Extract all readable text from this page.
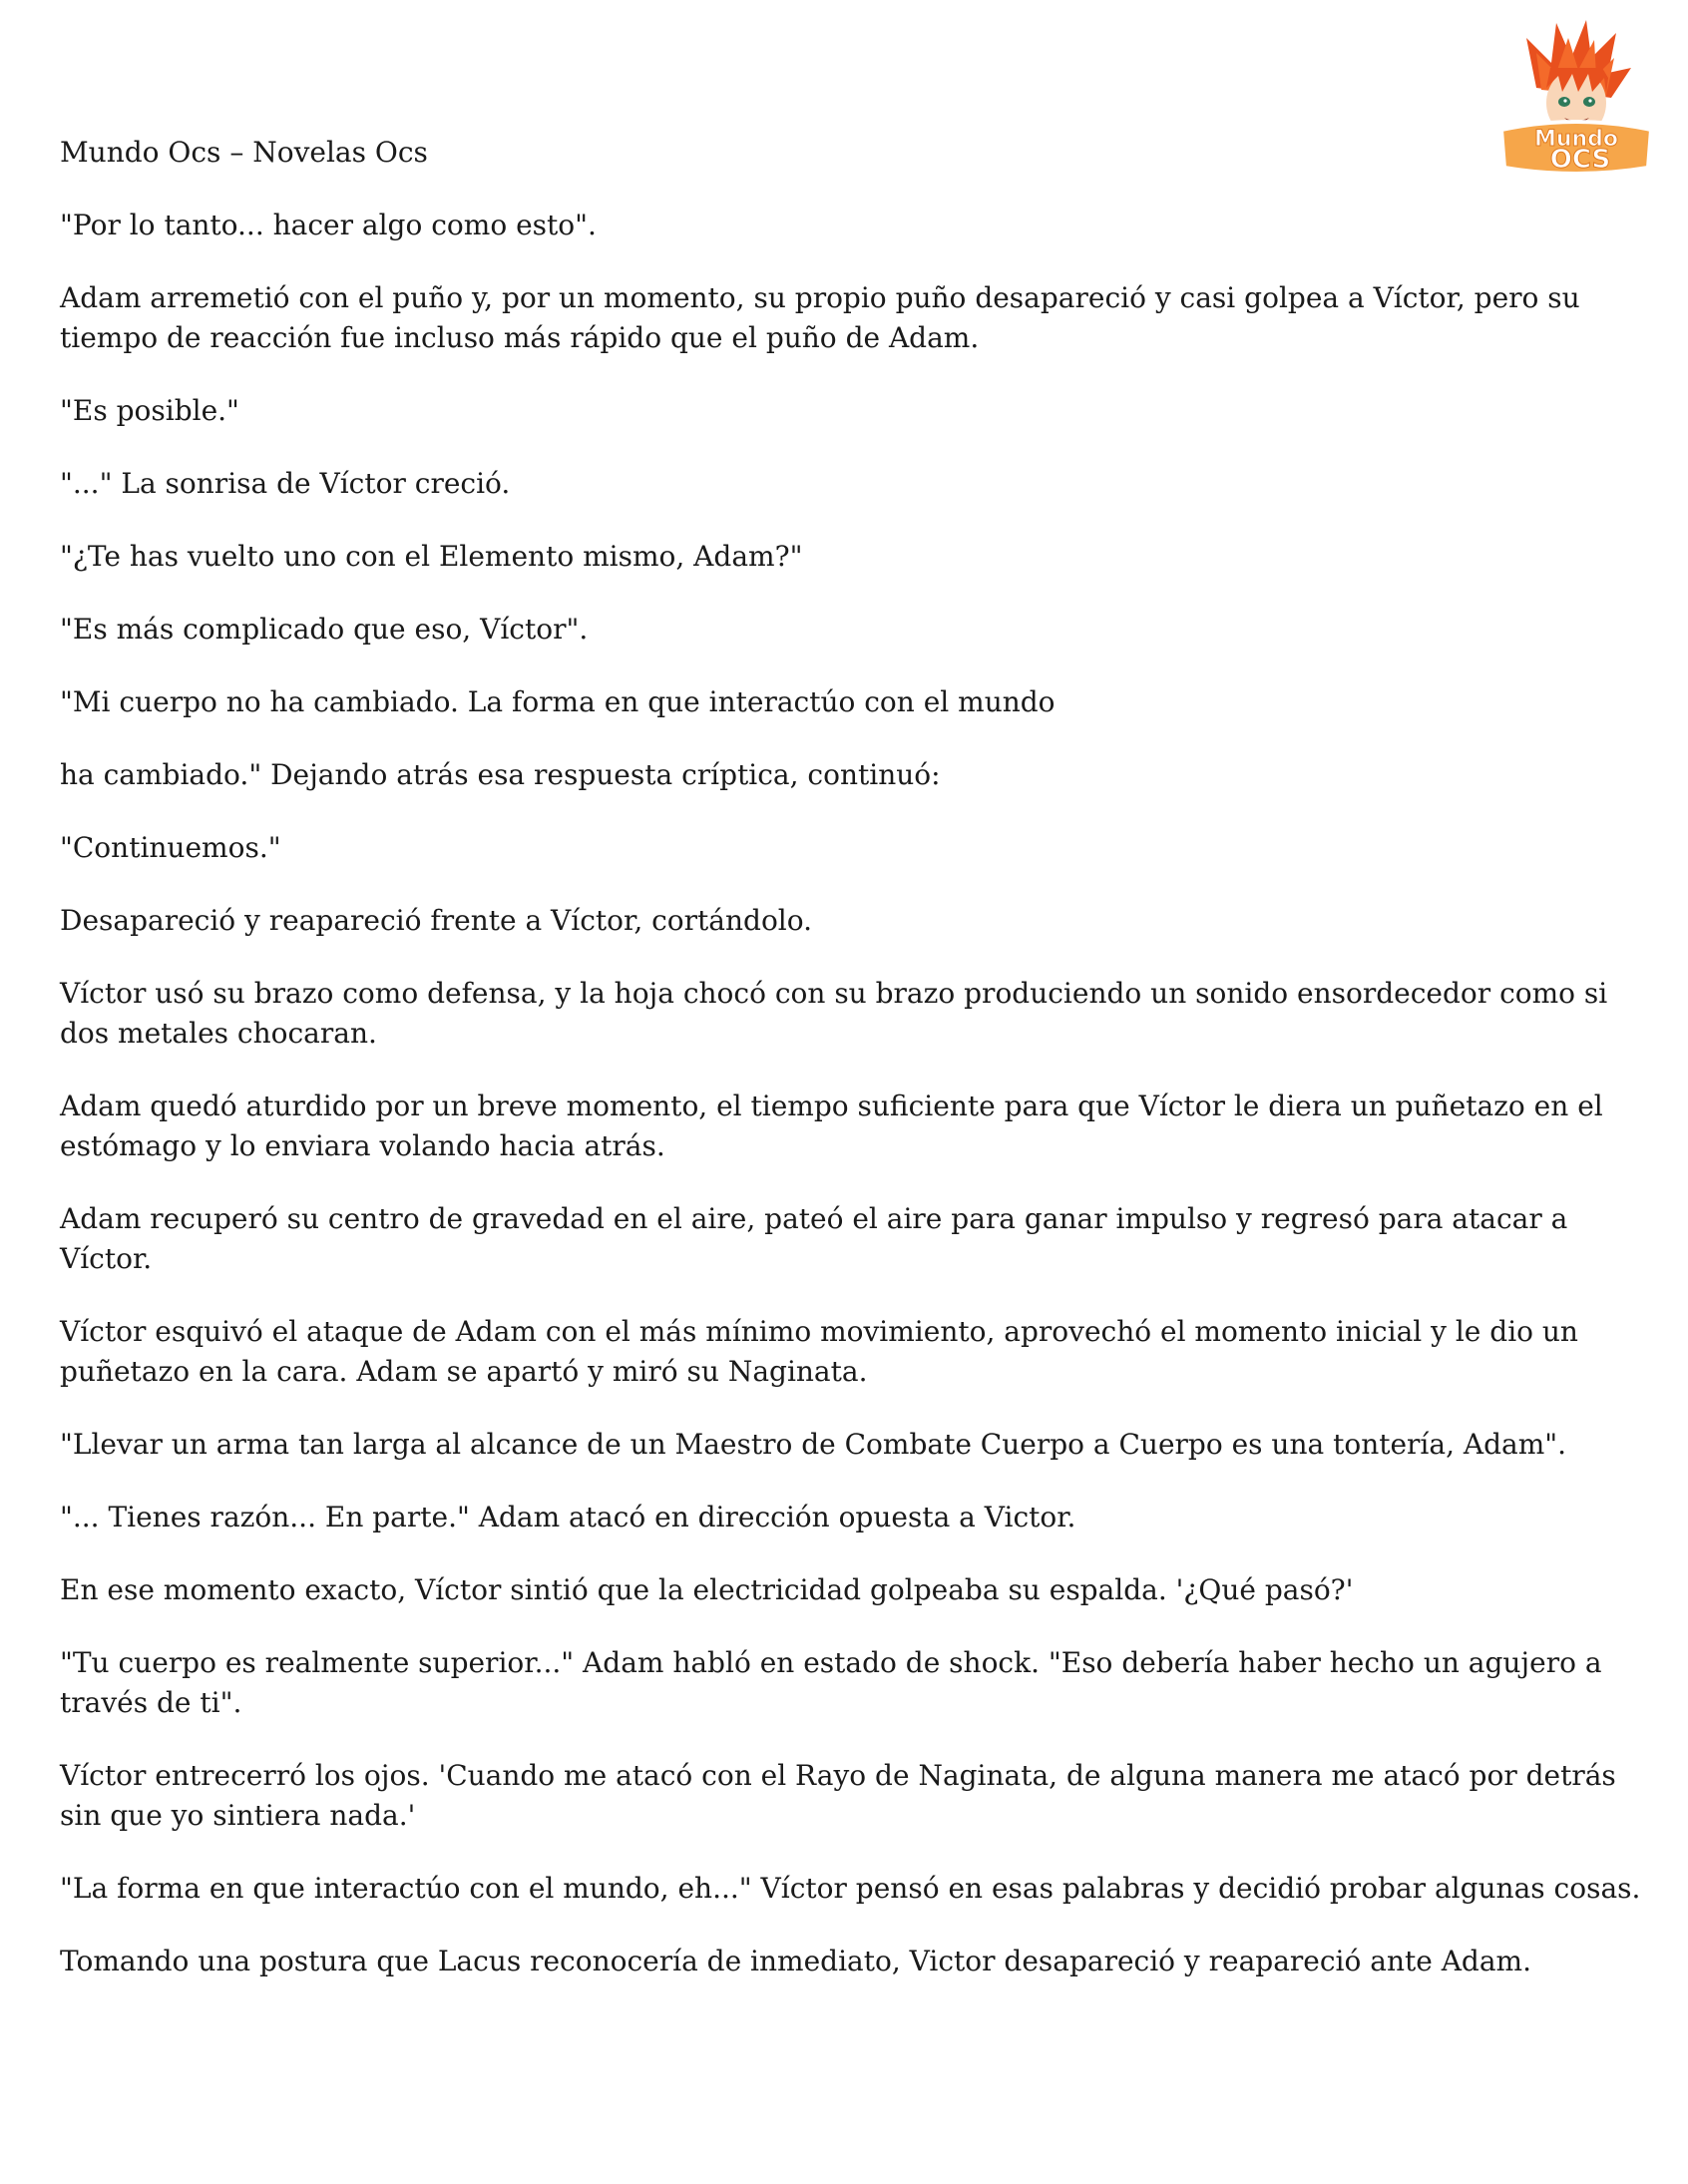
Mundo
OCS
Mundo Ocs – Novelas Ocs

"Por lo tanto... hacer algo como esto".

Adam arremetió con el puño y, por un momento, su propio puño desapareció y casi golpea a Víctor, pero su tiempo de reacción fue incluso más rápido que el puño de Adam.

"Es posible."

"..." La sonrisa de Víctor creció.

"¿Te has vuelto uno con el Elemento mismo, Adam?"

"Es más complicado que eso, Víctor".

"Mi cuerpo no ha cambiado. La forma en que interactúo con el mundo

ha cambiado." Dejando atrás esa respuesta críptica, continuó:

"Continuemos."

Desapareció y reapareció frente a Víctor, cortándolo.

Víctor usó su brazo como defensa, y la hoja chocó con su brazo produciendo un sonido ensordecedor como si dos metales chocaran.

Adam quedó aturdido por un breve momento, el tiempo suficiente para que Víctor le diera un puñetazo en el estómago y lo enviara volando hacia atrás.

Adam recuperó su centro de gravedad en el aire, pateó el aire para ganar impulso y regresó para atacar a Víctor.

Víctor esquivó el ataque de Adam con el más mínimo movimiento, aprovechó el momento inicial y le dio un puñetazo en la cara. Adam se apartó y miró su Naginata.

"Llevar un arma tan larga al alcance de un Maestro de Combate Cuerpo a Cuerpo es una tontería, Adam".

"... Tienes razón... En parte." Adam atacó en dirección opuesta a Victor.

En ese momento exacto, Víctor sintió que la electricidad golpeaba su espalda. '¿Qué pasó?'

"Tu cuerpo es realmente superior..." Adam habló en estado de shock. "Eso debería haber hecho un agujero a través de ti".

Víctor entrecerró los ojos. 'Cuando me atacó con el Rayo de Naginata, de alguna manera me atacó por detrás sin que yo sintiera nada.'

"La forma en que interactúo con el mundo, eh..." Víctor pensó en esas palabras y decidió probar algunas cosas.

Tomando una postura que Lacus reconocería de inmediato, Victor desapareció y reapareció ante Adam.
